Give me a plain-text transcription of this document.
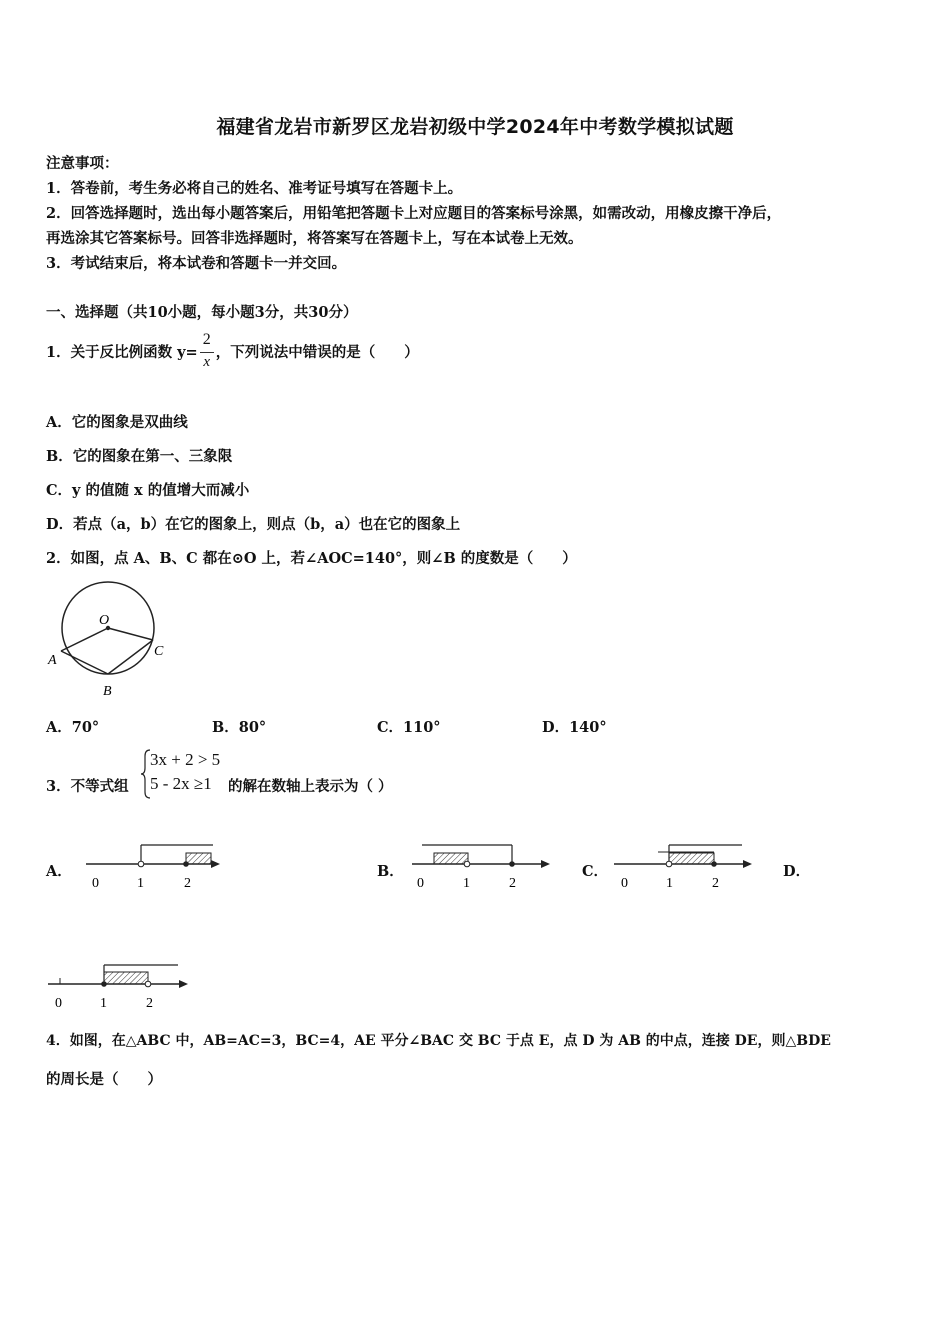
福建省龙岩市新罗区龙岩初级中学2024年中考数学模拟试题
注意事项：
1．答卷前，考生务必将自己的姓名、准考证号填写在答题卡上。
2．回答选择题时，选出每小题答案后，用铅笔把答题卡上对应题目的答案标号涂黑，如需改动，用橡皮擦干净后，
再选涂其它答案标号。回答非选择题时，将答案写在答题卡上，写在本试卷上无效。
3．考试结束后，将本试卷和答题卡一并交回。
一、选择题（共10小题，每小题3分，共30分）
1．关于反比例函数 $y= \frac{2}{x}$ ，下列说法中错误的是（　　）
A．它的图象是双曲线
B．它的图象在第一、三象限
C．y 的值随 x 的值增大而减小
D．若点（a，b）在它的图象上，则点（b，a）也在它的图象上
2．如图，点 A、B、C 都在⊙O 上，若∠AOC=140°，则∠B 的度数是（　　）
O
A
B
C
A．70°	B．80°	C．110°	D．140°
3．不等式组
3x + 2 > 5
5 - 2x ≥1	的解在数轴上表示为（ ）
A．	B．	C．	D．
0	1	2	0	1	2	0	1	2
0	1	2
4．如图，在△ABC 中，AB=AC=3，BC=4，AE 平分∠BAC 交 BC 于点 E，点 D 为 AB 的中点，连接 DE，则△BDE
的周长是（　　）
